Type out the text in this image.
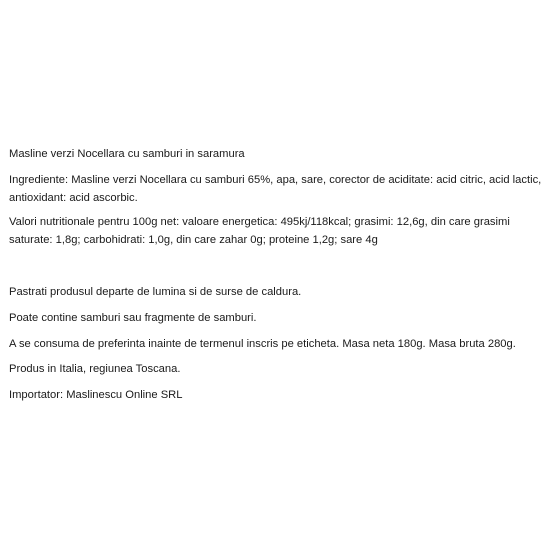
Masline verzi Nocellara cu samburi in saramura

Ingrediente: Masline verzi Nocellara cu samburi 65%, apa, sare, corector de aciditate: acid citric, acid lactic, antioxidant: acid ascorbic.

Valori nutritionale pentru 100g net: valoare energetica: 495kj/118kcal; grasimi: 12,6g, din care grasimi saturate: 1,8g; carbohidrati: 1,0g, din care zahar 0g; proteine 1,2g; sare 4g

Pastrati produsul departe de lumina si de surse de caldura.

Poate contine samburi sau fragmente de samburi.

A se consuma de preferinta inainte de termenul inscris pe eticheta. Masa neta 180g. Masa bruta 280g.

Produs in Italia, regiunea Toscana.

Importator: Maslinescu Online SRL
